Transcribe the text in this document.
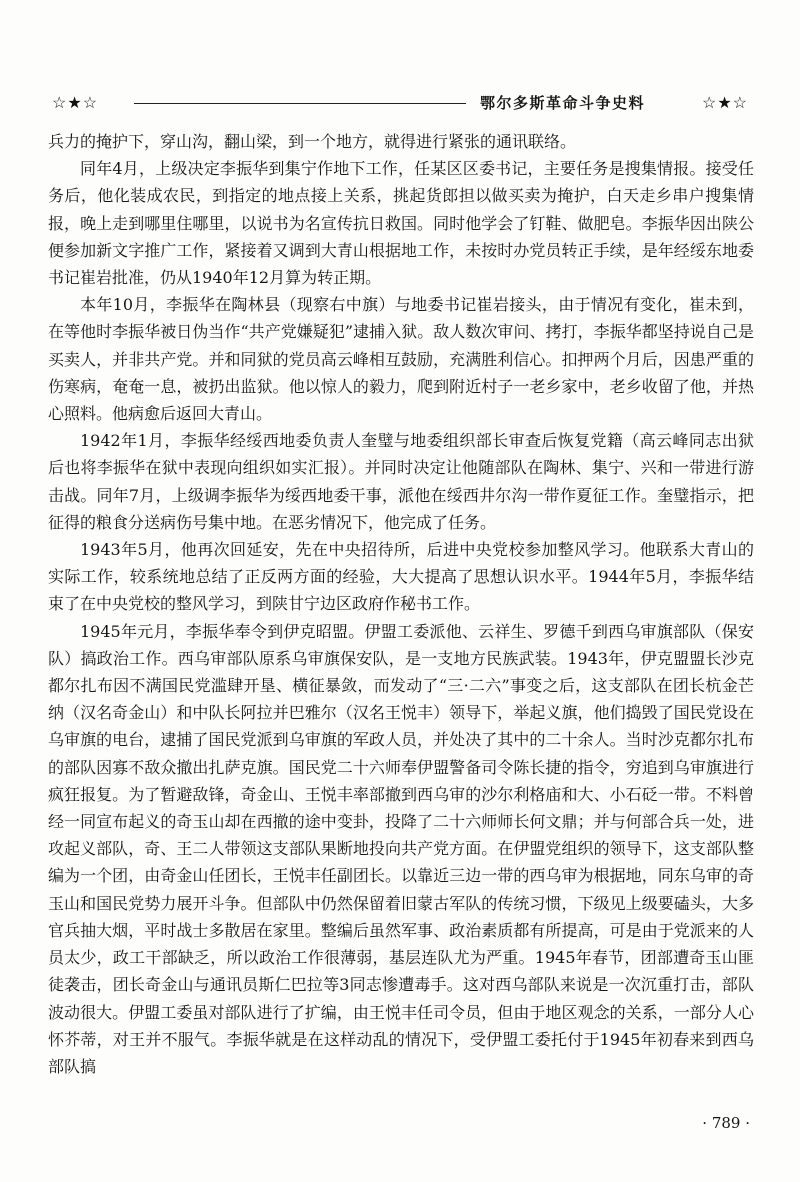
☆★☆	鄂尔多斯革命斗争史料	☆★☆

兵力的掩护下，穿山沟，翻山梁，到一个地方，就得进行紧张的通讯联络。

同年4月，上级决定李振华到集宁作地下工作，任某区区委书记，主要任务是搜集情报。接受任务后，他化装成农民，到指定的地点接上关系，挑起货郎担以做买卖为掩护，白天走乡串户搜集情报，晚上走到哪里住哪里，以说书为名宣传抗日救国。同时他学会了钉鞋、做肥皂。李振华因出陕公便参加新文字推广工作，紧接着又调到大青山根据地工作，未按时办党员转正手续，是年经绥东地委书记崔岩批准，仍从1940年12月算为转正期。

本年10月，李振华在陶林县（现察右中旗）与地委书记崔岩接头，由于情况有变化，崔未到，在等他时李振华被日伪当作“共产党嫌疑犯”逮捕入狱。敌人数次审问、拷打，李振华都坚持说自己是买卖人，并非共产党。并和同狱的党员高云峰相互鼓励，充满胜利信心。扣押两个月后，因患严重的伤寒病，奄奄一息，被扔出监狱。他以惊人的毅力，爬到附近村子一老乡家中，老乡收留了他，并热心照料。他病愈后返回大青山。

1942年1月，李振华经绥西地委负责人奎璧与地委组织部长审查后恢复党籍（高云峰同志出狱后也将李振华在狱中表现向组织如实汇报）。并同时决定让他随部队在陶林、集宁、兴和一带进行游击战。同年7月，上级调李振华为绥西地委干事，派他在绥西井尔沟一带作夏征工作。奎璧指示，把征得的粮食分送病伤号集中地。在恶劣情况下，他完成了任务。

1943年5月，他再次回延安，先在中央招待所，后进中央党校参加整风学习。他联系大青山的实际工作，较系统地总结了正反两方面的经验，大大提高了思想认识水平。1944年5月，李振华结束了在中央党校的整风学习，到陕甘宁边区政府作秘书工作。

1945年元月，李振华奉令到伊克昭盟。伊盟工委派他、云祥生、罗德千到西乌审旗部队（保安队）搞政治工作。西乌审部队原系乌审旗保安队，是一支地方民族武装。1943年，伊克盟盟长沙克都尔扎布因不满国民党滥肆开垦、横征暴敛，而发动了“三·二六”事变之后，这支部队在团长杭金芒纳（汉名奇金山）和中队长阿拉并巴雅尔（汉名王悦丰）领导下，举起义旗，他们捣毁了国民党设在乌审旗的电台，逮捕了国民党派到乌审旗的军政人员，并处决了其中的二十余人。当时沙克都尔扎布的部队因寡不敌众撤出扎萨克旗。国民党二十六师奉伊盟警备司令陈长捷的指令，穷追到乌审旗进行疯狂报复。为了暂避敌锋，奇金山、王悦丰率部撤到西乌审的沙尔利格庙和大、小石砭一带。不料曾经一同宣布起义的奇玉山却在西撤的途中变卦，投降了二十六师师长何文鼎；并与何部合兵一处，进攻起义部队，奇、王二人带领这支部队果断地投向共产党方面。在伊盟党组织的领导下，这支部队整编为一个团，由奇金山任团长，王悦丰任副团长。以靠近三边一带的西乌审为根据地，同东乌审的奇玉山和国民党势力展开斗争。但部队中仍然保留着旧蒙古军队的传统习惯，下级见上级要磕头，大多官兵抽大烟，平时战士多散居在家里。整编后虽然军事、政治素质都有所提高，可是由于党派来的人员太少，政工干部缺乏，所以政治工作很薄弱，基层连队尤为严重。1945年春节，团部遭奇玉山匪徒袭击，团长奇金山与通讯员斯仁巴拉等3同志惨遭毒手。这对西乌部队来说是一次沉重打击，部队波动很大。伊盟工委虽对部队进行了扩编，由王悦丰任司令员，但由于地区观念的关系，一部分人心怀芥蒂，对王并不服气。李振华就是在这样动乱的情况下，受伊盟工委托付于1945年初春来到西乌部队搞

· 789 ·
